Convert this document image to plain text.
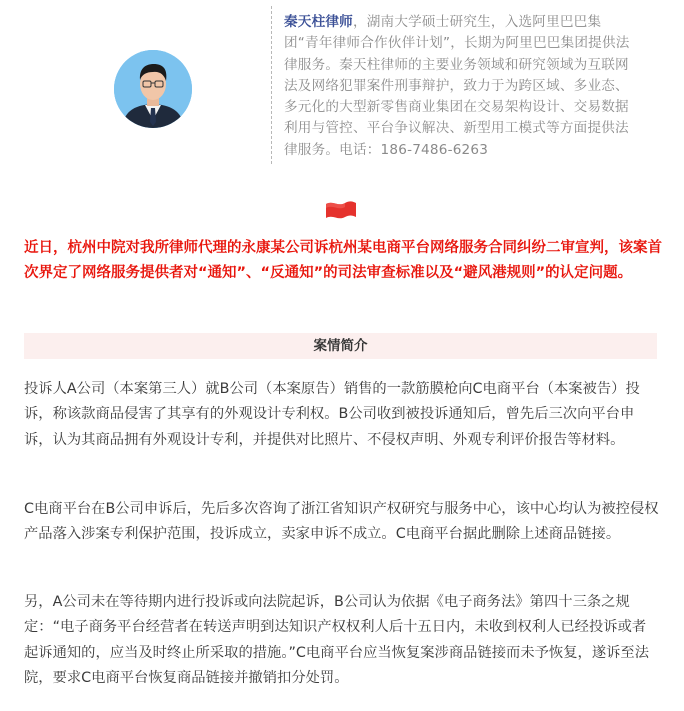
秦天柱律师，湖南大学硕士研究生，入选阿里巴巴集团“青年律师合作伙伴计划”，长期为阿里巴巴集团提供法律服务。秦天柱律师的主要业务领域和研究领域为互联网法及网络犯罪案件刑事辩护，致力于为跨区域、多业态、多元化的大型新零售商业集团在交易架构设计、交易数据利用与管控、平台争议解决、新型用工模式等方面提供法律服务。电话：186-7486-6263
近日，杭州中院对我所律师代理的永康某公司诉杭州某电商平台网络服务合同纠纷二审宣判，该案首次界定了网络服务提供者对“通知”、“反通知”的司法审查标准以及“避风港规则”的认定问题。
案情简介

投诉人A公司（本案第三人）就B公司（本案原告）销售的一款筋膜枪向C电商平台（本案被告）投诉，称该款商品侵害了其享有的外观设计专利权。B公司收到被投诉通知后，曾先后三次向平台申诉，认为其商品拥有外观设计专利，并提供对比照片、不侵权声明、外观专利评价报告等材料。

C电商平台在B公司申诉后，先后多次咨询了浙江省知识产权研究与服务中心，该中心均认为被控侵权产品落入涉案专利保护范围，投诉成立，卖家申诉不成立。C电商平台据此删除上述商品链接。

另，A公司未在等待期内进行投诉或向法院起诉，B公司认为依据《电子商务法》第四十三条之规定：“电子商务平台经营者在转送声明到达知识产权权利人后十五日内，未收到权利人已经投诉或者起诉通知的，应当及时终止所采取的措施。”C电商平台应当恢复案涉商品链接而未予恢复，遂诉至法院，要求C电商平台恢复商品链接并撤销扣分处罚。
